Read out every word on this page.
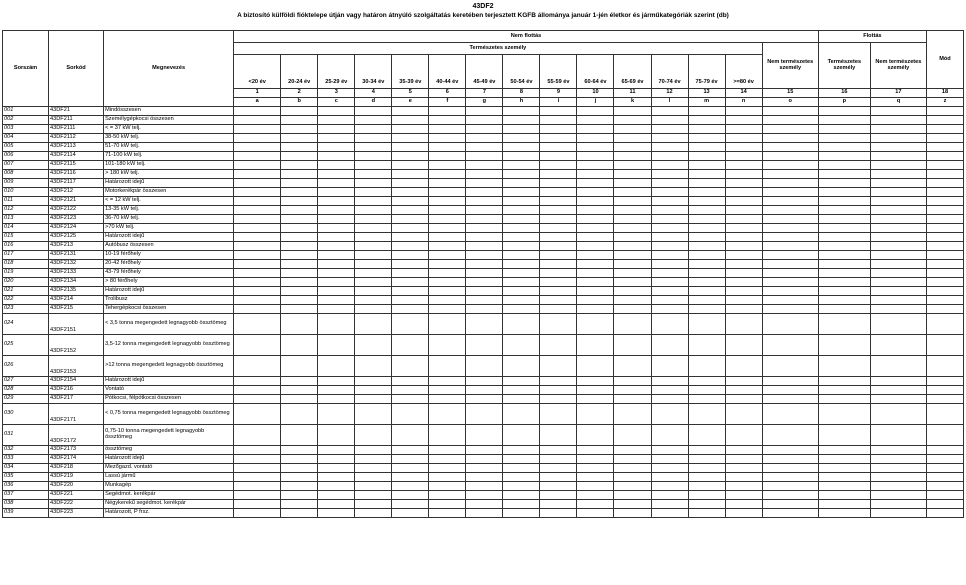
43DF2
A biztosító külföldi fióktelepe útján vagy határon átnyúló szolgáltatás keretében terjesztett KGFB állománya január 1-jén életkor és járműkategóriák szerint (db)
Sorszám	Sorkód	Megnevezés	Nem flottás															Flottás		Mód
			Természetes személy														Nem természetes személy	Természetes személy	Nem természetes személy	
			<20 év	20-24 év	25-29 év	30-34 év	35-39 év	40-44 év	45-49 év	50-54 év	55-59 év	60-64 év	65-69 év	70-74 év	75-79 év	>=80 év				
			1	2	3	4	5	6	7	8	9	10	11	12	13	14	15	16	17	18
			a	b	c	d	e	f	g	h	i	j	k	l	m	n	o	p	q	z
001	43DF21	Mindösszesen																		
002	43DF211	Személygépkocsi összesen																		
003	43DF2111	< = 37 kW telj.																		
004	43DF2112	38-50 kW telj.																		
005	43DF2113	51-70 kW telj.																		
006	43DF2114	71-100 kW telj.																		
007	43DF2115	101-180 kW telj.																		
008	43DF2116	> 180 kW telj.																		
009	43DF2117	Határozott idejű																		
010	43DF212	Motorkerékpár összesen																		
011	43DF2121	< = 12 kW telj.																		
012	43DF2122	13-35 kW telj.																		
013	43DF2123	36-70 kW telj.																		
014	43DF2124	>70 kW telj.																		
015	43DF2125	Határozott idejű																		
016	43DF213	Autóbusz összesen																		
017	43DF2131	10-19 férőhely																		
018	43DF2132	20-42 férőhely																		
019	43DF2133	43-79 férőhely																		
020	43DF2134	> 80 férőhely																		
021	43DF2135	Határozott idejű																		
022	43DF214	Trolibusz																		
023	43DF215	Tehergépkocsi összesen																		
024	43DF2151	< 3,5 tonna megengedett legnagyobb össztömeg																		
025	43DF2152	3,5-12 tonna megengedett legnagyobb össztömeg																		
026	43DF2153	>12 tonna megengedett legnagyobb össztömeg																		
027	43DF2154	Határozott idejű																		
028	43DF216	Vontató																		
029	43DF217	Pótkocsi, félpótkocsi összesen																		
030	43DF2171	< 0,75 tonna megengedett legnagyobb össztömeg																		
031	43DF2172	0,75-10 tonna megengedett legnagyobb össztömeg																		
032	43DF2173	össztömeg																		
033	43DF2174	Határozott idejű																		
034	43DF218	Mezőgazd. vontató																		
035	43DF219	Lassú jármű																		
036	43DF220	Munkagép																		
037	43DF221	Segédmot. kerékpár																		
038	43DF222	Négykerekű segédmot. kerékpár																		
039	43DF223	Határozott, P frsz.																		
